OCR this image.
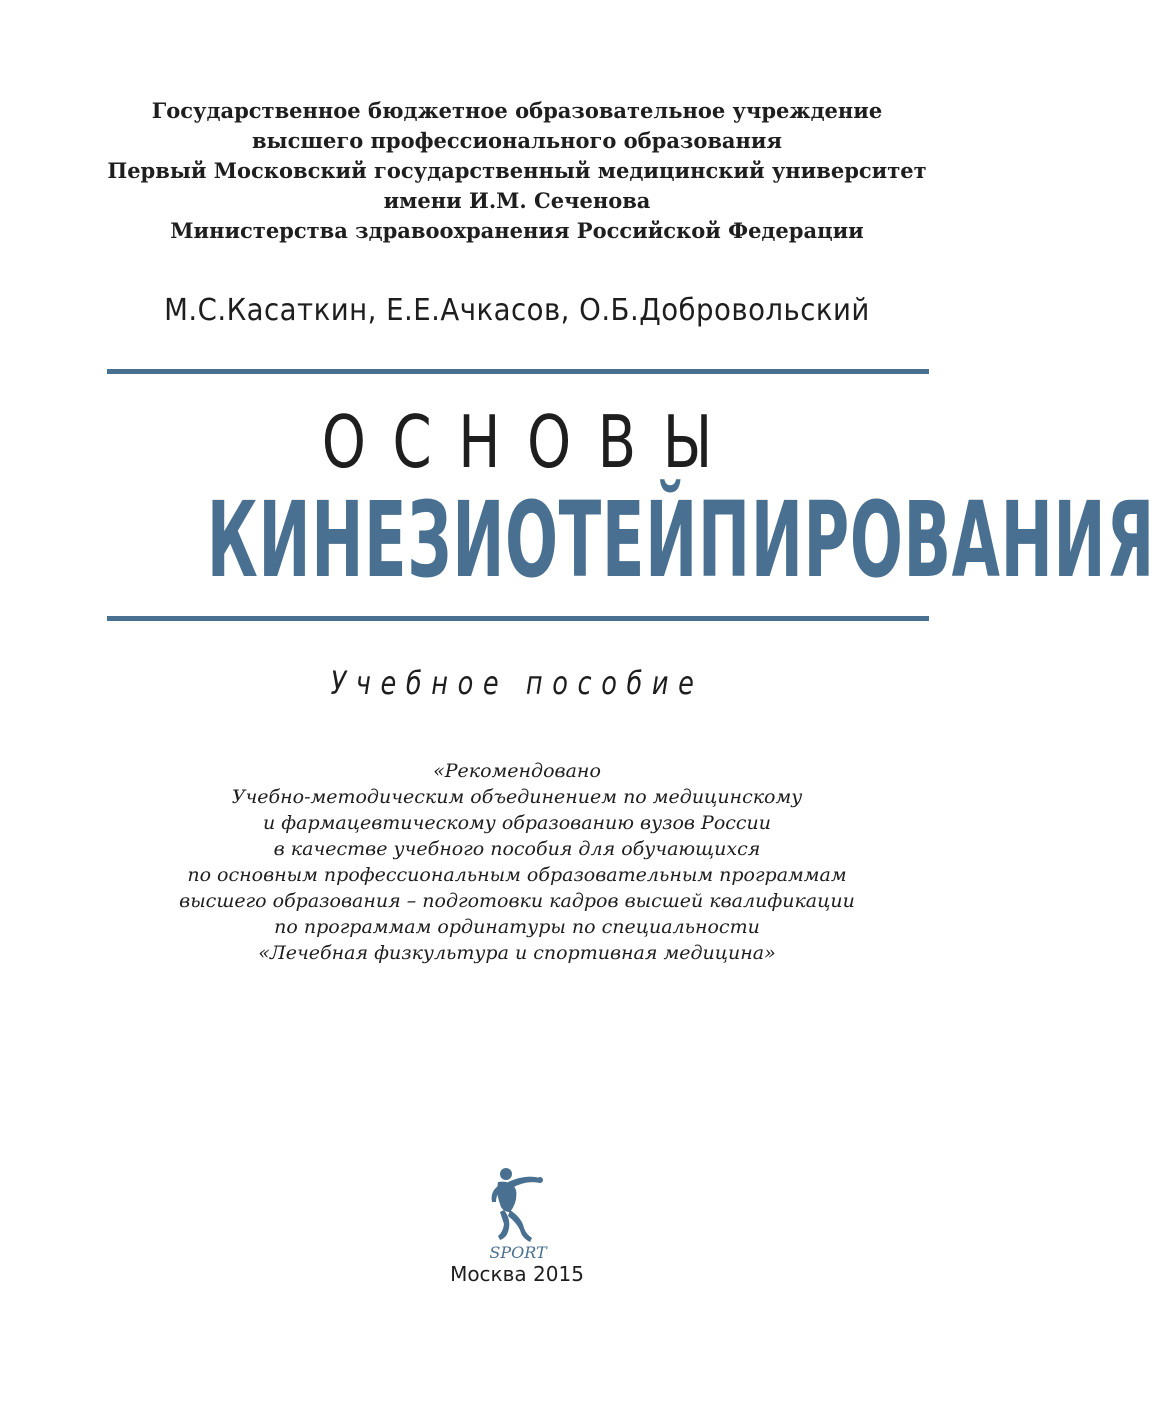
Государственное бюджетное образовательное учреждение
высшего профессионального образования
Первый Московский государственный медицинский университет
имени И.М. Сеченова
Министерства здравоохранения Российской Федерации
М.С.Касаткин, Е.Е.Ачкасов, О.Б.Добровольский
ОСНОВЫ
КИНЕЗИОТЕЙПИРОВАНИЯ
Учебное пособие
«Рекомендовано
Учебно-методическим объединением по медицинскому
и фармацевтическому образованию вузов России
в качестве учебного пособия для обучающихся
по основным профессиональным образовательным программам
высшего образования – подготовки кадров высшей квалификации
по программам ординатуры по специальности
«Лечебная физкультура и спортивная медицина»
SPORT
Москва 2015
